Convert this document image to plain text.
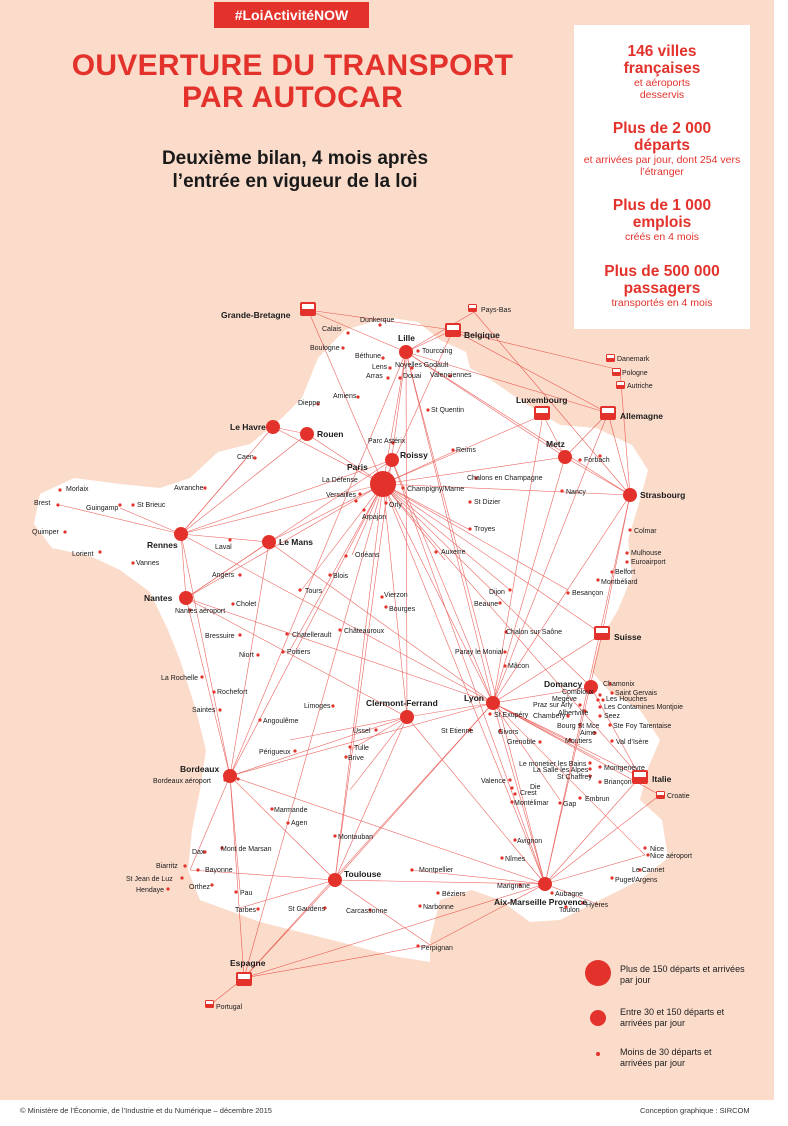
Paris
Lille
Rouen
Le Havre
Roissy
Metz
Strasbourg
Rennes	Le Mans
Nantes
Clermont-Ferrand	Lyon
Domancy
Bordeaux
Toulouse
Aix-Marseille Provence
Grande-Bretagne
Belgique
Pays-Bas
Luxembourg
Allemagne
Danemark
Pologne
Autriche
Suisse
Italie
Croatie
Espagne
Portugal
Dunkerque
Calais
Boulogne	Tourcoing
Béthune
Lens Noyelles Godault
Arras	Douai Valenciennes
Amiens
St Quentin
Dieppe
Caen
Parc Astérix
Reims
Forbach
La Défense
Versailles
Champigny/Marne
Chalons en Champagne
Nancy
Orly
Arpajon
St Dizier
Troyes	Colmar
Morlaix
Brest
Guingamp	St Brieuc
Avranche
Quimper
Lorient
Vannes
Laval
Orléans	Auxerre	Mulhouse
Euroairport
Belfort
Montbéliard
Angers	Blois
Tours
Cholet
Nantes aéroport
Vierzon
Bourges
Dijon
Beaune
Besançon
Bressuire	Chatellerault
Châteauroux
Poitiers
Niort
Chalon sur Saône
Paray le Monial
Mâcon
La Rochelle
Rochefort
Saintes
Limoges
Angoulême
Chamonix
Combloux
Megève
Saint Gervais
Les Houches
Les Contamines Montjoie
Praz sur Arly
Albertville Seez
St Exupéry Chambery
Bourg St Mce
Aime
Ste Foy Tarentaise
Moutiers	Val d’Isère
Ussel
Tulle
Brive
Périgueux
St Etienne	Givors
Grenoble
Le monetier les Bains
La Salle les Alpes
St Chaffrey
Montgenèvre
Briançon
Bordeaux aéroport	Valence
Die
Crest
Montélimar Gap
Embrun
Marmande
Agen
Mont de Marsan
Montauban
Avignon
Nîmes
Nice
Nice aéroport
Dax
Biarritz
Bayonne
St Jean de Luz
Hendaye	Orthez
Pau
Tarbes	St Gaudens
Montpellier
Béziers
Narbonne
Carcassonne
Marignane
Aubagne
Toulon
Hyères
Le Cannet
Puget/Argens
Perpignan
#LoiActivitéNOW
OUVERTURE DU TRANSPORT
PAR AUTOCAR
Deuxième bilan, 4 mois après
l’entrée en vigueur de la loi
146 villes françaises
et aéroports desservis
Plus de 2 000 départs
et arrivées par jour, dont 254 vers l’étranger
Plus de 1 000 emplois
créés en 4 mois
Plus de 500 000 passagers
transportés en 4 mois
Plus de 150 départs et arrivées par jour
Entre 30 et 150 départs et arrivées par jour
Moins de 30 départs et arrivées par jour
© Ministère de l’Économie, de l’Industrie et du Numérique – décembre 2015	Conception graphique : SIRCOM
